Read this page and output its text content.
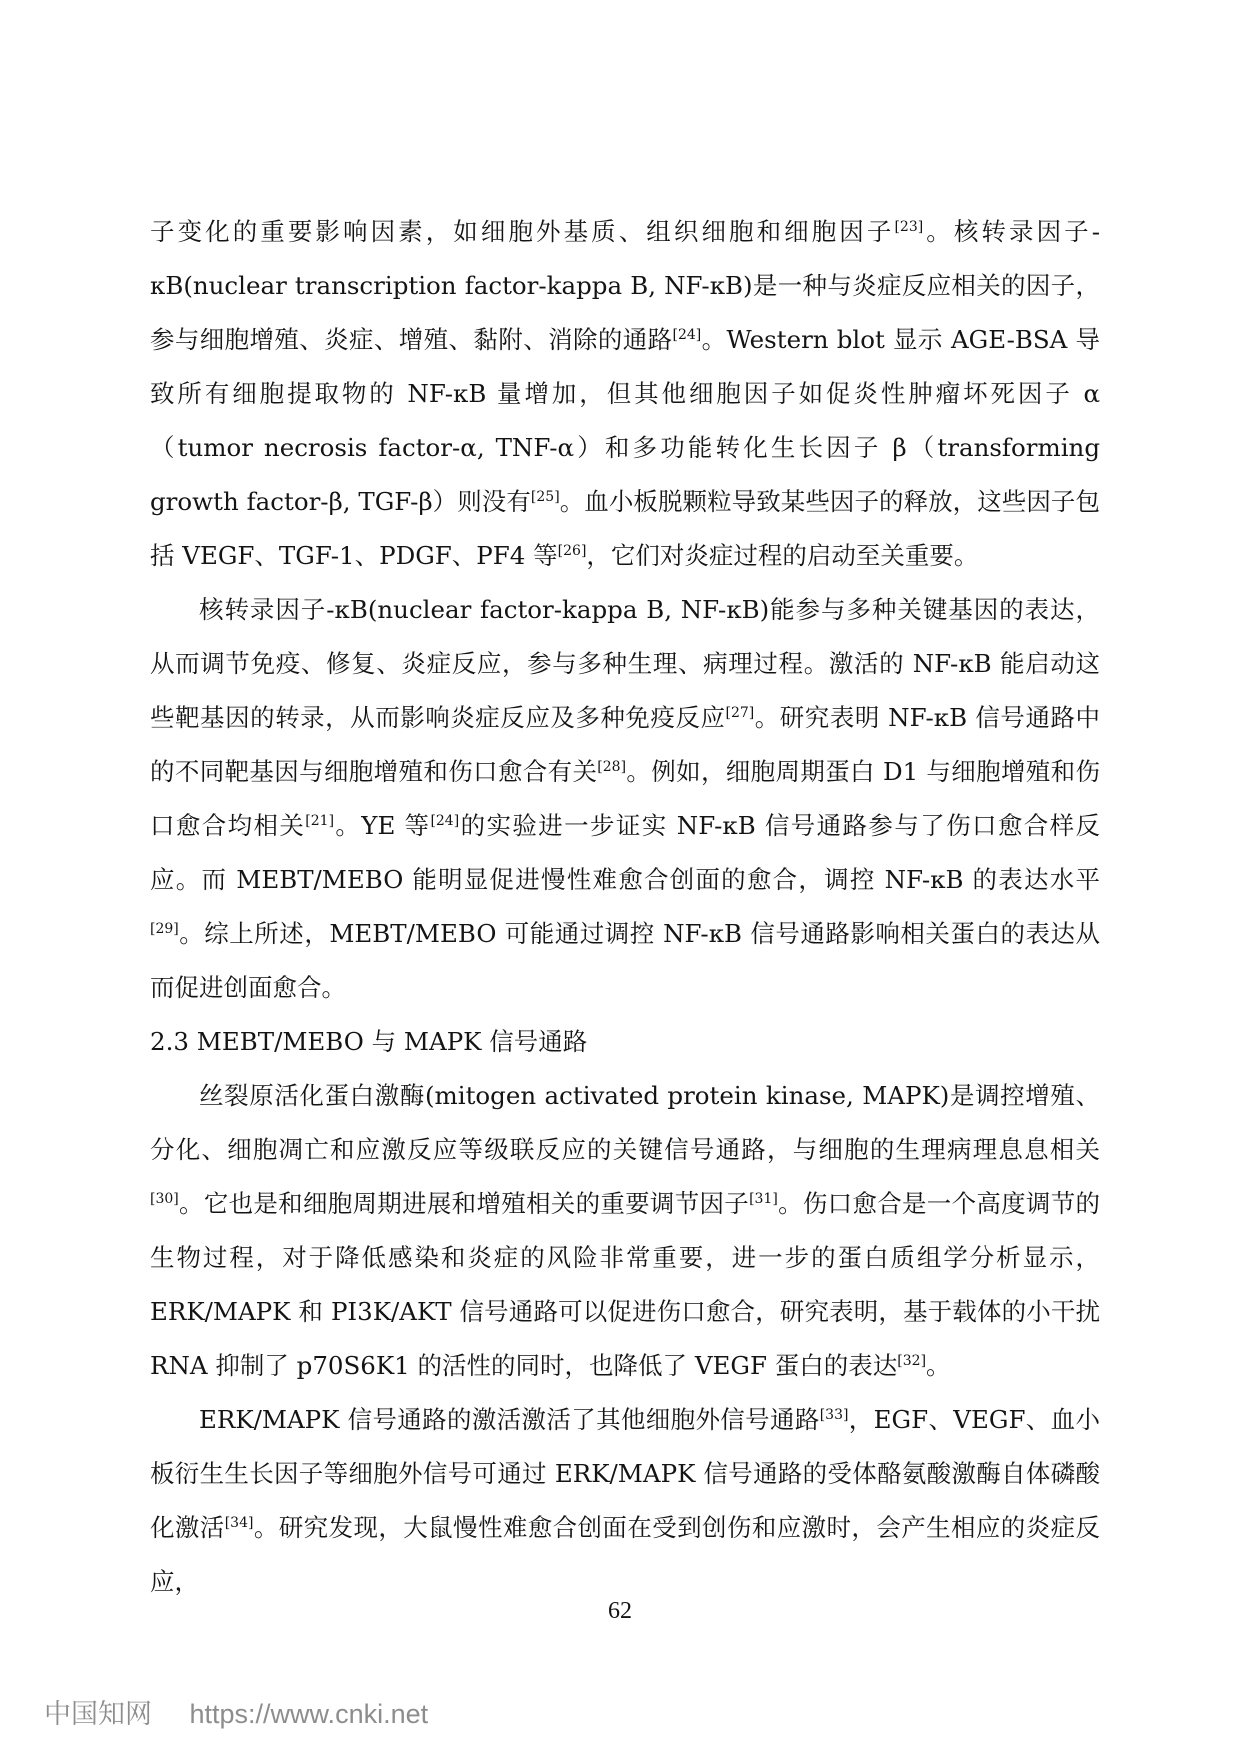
子变化的重要影响因素，如细胞外基质、组织细胞和细胞因子[23]。核转录因子-κB(nuclear transcription factor-kappa B, NF-κB)是一种与炎症反应相关的因子，参与细胞增殖、炎症、增殖、黏附、消除的通路[24]。Western blot 显示 AGE-BSA 导致所有细胞提取物的 NF-κB 量增加，但其他细胞因子如促炎性肿瘤坏死因子 α（tumor necrosis factor-α, TNF-α）和多功能转化生长因子 β（transforming growth factor-β, TGF-β）则没有[25]。血小板脱颗粒导致某些因子的释放，这些因子包括 VEGF、TGF-1、PDGF、PF4 等[26]，它们对炎症过程的启动至关重要。

核转录因子-κB(nuclear factor-kappa B, NF-κB)能参与多种关键基因的表达，从而调节免疫、修复、炎症反应，参与多种生理、病理过程。激活的 NF-κB 能启动这些靶基因的转录，从而影响炎症反应及多种免疫反应[27]。研究表明 NF-κB 信号通路中的不同靶基因与细胞增殖和伤口愈合有关[28]。例如，细胞周期蛋白 D1 与细胞增殖和伤口愈合均相关[21]。YE 等[24]的实验进一步证实 NF-κB 信号通路参与了伤口愈合样反应。而 MEBT/MEBO 能明显促进慢性难愈合创面的愈合，调控 NF-κB 的表达水平[29]。综上所述，MEBT/MEBO 可能通过调控 NF-κB 信号通路影响相关蛋白的表达从而促进创面愈合。

2.3 MEBT/MEBO 与 MAPK 信号通路

丝裂原活化蛋白激酶(mitogen activated protein kinase, MAPK)是调控增殖、分化、细胞凋亡和应激反应等级联反应的关键信号通路，与细胞的生理病理息息相关[30]。它也是和细胞周期进展和增殖相关的重要调节因子[31]。伤口愈合是一个高度调节的生物过程，对于降低感染和炎症的风险非常重要，进一步的蛋白质组学分析显示，ERK/MAPK 和 PI3K/AKT 信号通路可以促进伤口愈合，研究表明，基于载体的小干扰 RNA 抑制了 p70S6K1 的活性的同时，也降低了 VEGF 蛋白的表达[32]。

ERK/MAPK 信号通路的激活激活了其他细胞外信号通路[33]，EGF、VEGF、血小板衍生生长因子等细胞外信号可通过 ERK/MAPK 信号通路的受体酪氨酸激酶自体磷酸化激活[34]。研究发现，大鼠慢性难愈合创面在受到创伤和应激时，会产生相应的炎症反应，

62
中国知网 https://www.cnki.net
